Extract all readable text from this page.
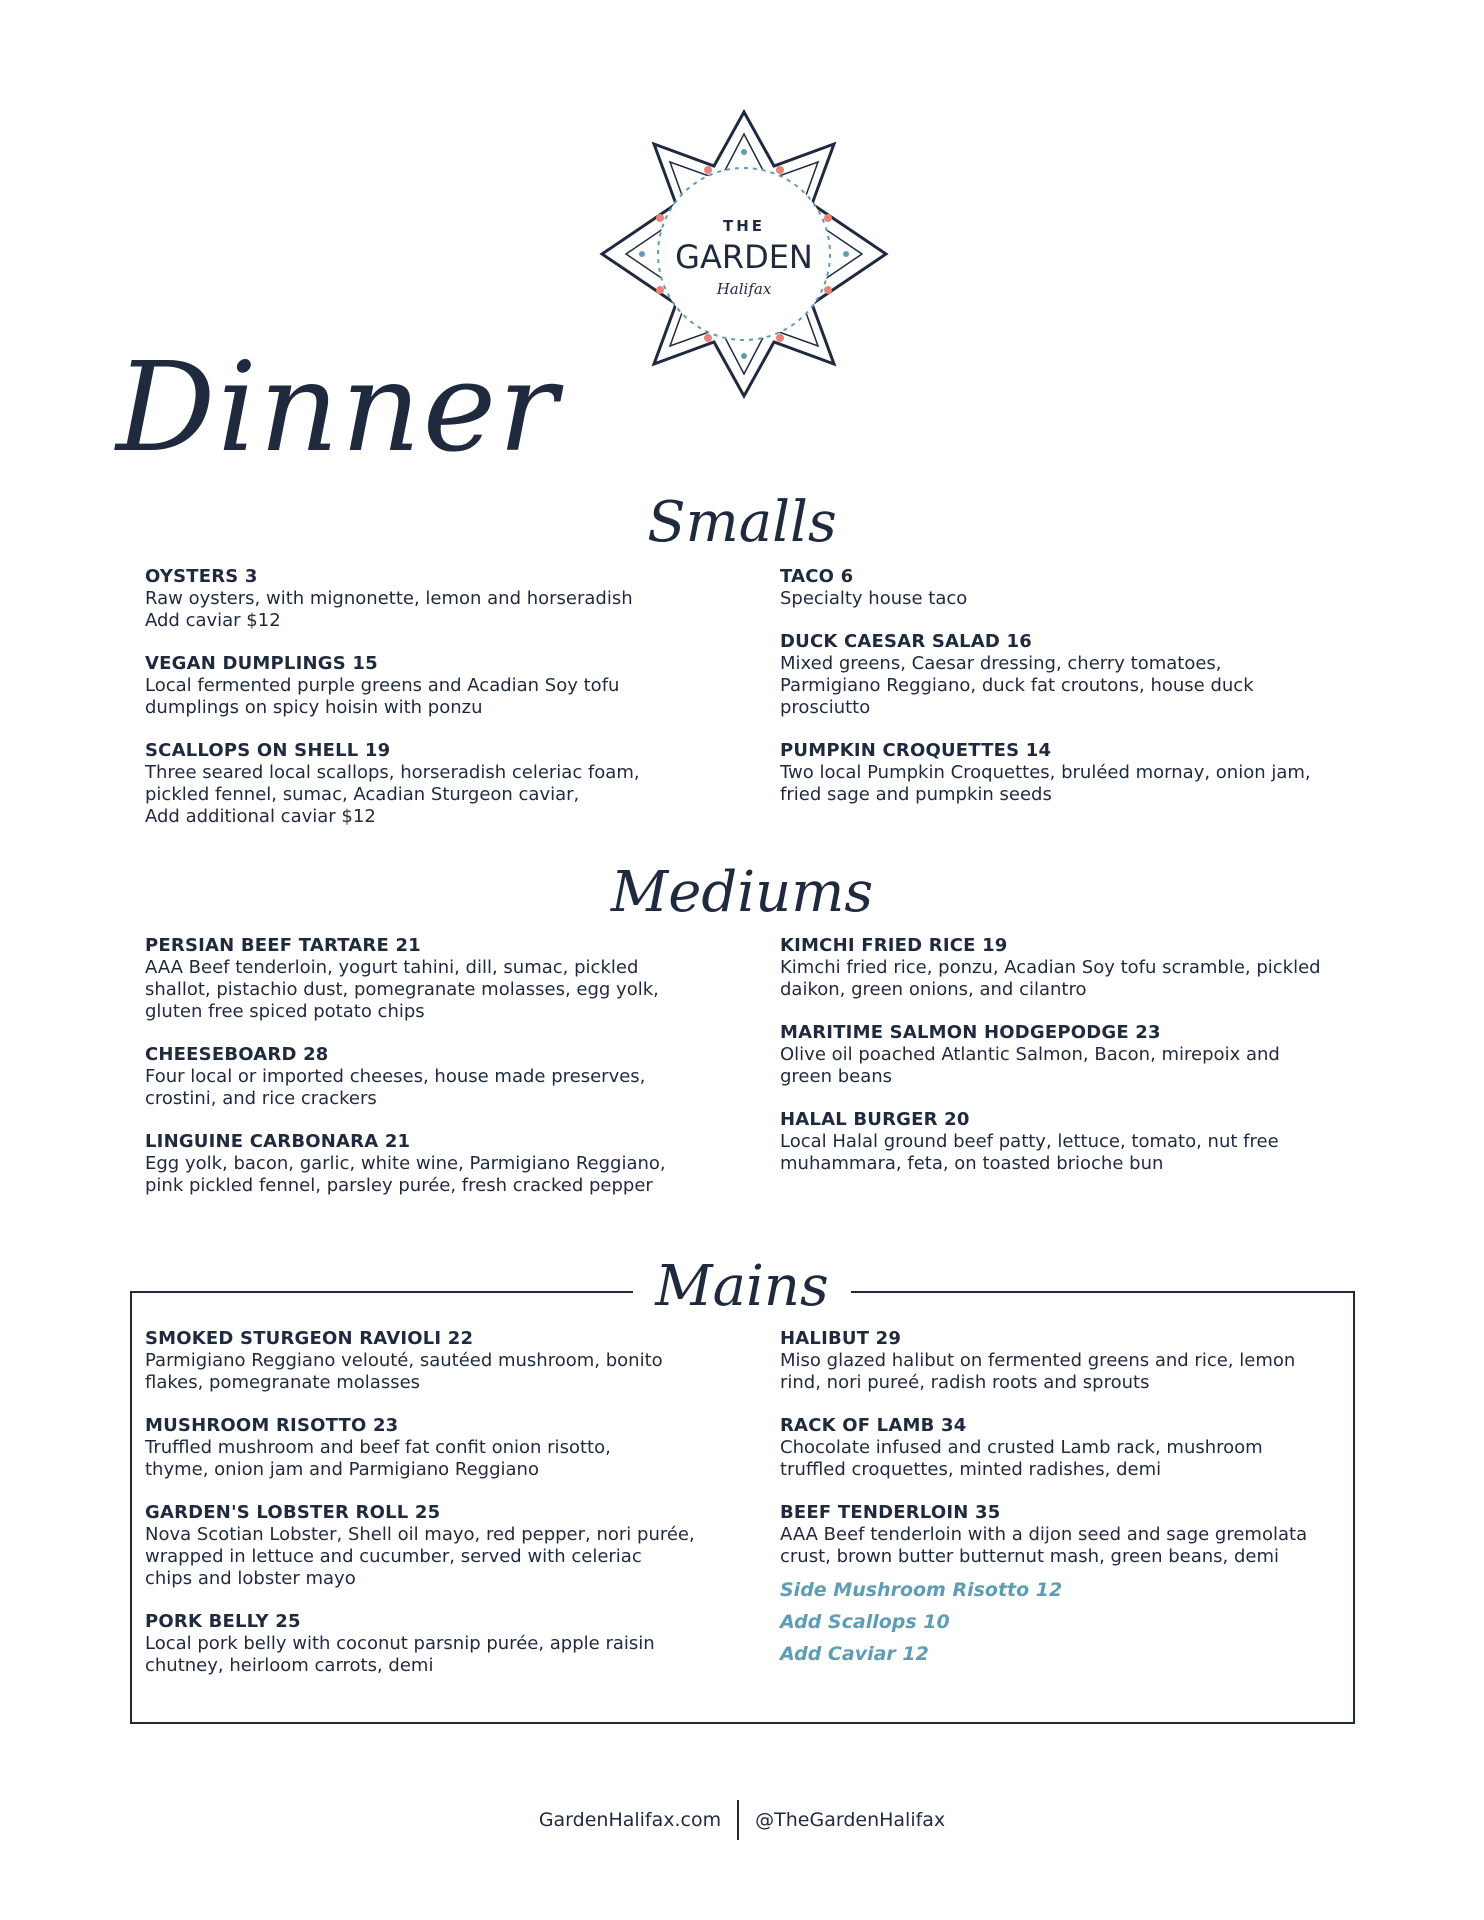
THE
GARDEN
Halifax
Dinner
Smalls
OYSTERS 3
Raw oysters, with mignonette, lemon and horseradish
Add caviar $12
VEGAN DUMPLINGS 15
Local fermented purple greens and Acadian Soy tofu
dumplings on spicy hoisin with ponzu
SCALLOPS ON SHELL 19
Three seared local scallops, horseradish celeriac foam,
pickled fennel, sumac, Acadian Sturgeon caviar,
Add additional caviar $12
TACO 6
Specialty house taco
DUCK CAESAR SALAD 16
Mixed greens, Caesar dressing, cherry tomatoes,
Parmigiano Reggiano, duck fat croutons, house duck
prosciutto
PUMPKIN CROQUETTES 14
Two local Pumpkin Croquettes, bruléed mornay, onion jam,
fried sage and pumpkin seeds
Mediums
PERSIAN BEEF TARTARE 21
AAA Beef tenderloin, yogurt tahini, dill, sumac, pickled
shallot, pistachio dust, pomegranate molasses, egg yolk,
gluten free spiced potato chips
CHEESEBOARD 28
Four local or imported cheeses, house made preserves,
crostini, and rice crackers
LINGUINE CARBONARA 21
Egg yolk, bacon, garlic, white wine, Parmigiano Reggiano,
pink pickled fennel, parsley purée, fresh cracked pepper
KIMCHI FRIED RICE 19
Kimchi fried rice, ponzu, Acadian Soy tofu scramble, pickled
daikon, green onions, and cilantro
MARITIME SALMON HODGEPODGE 23
Olive oil poached Atlantic Salmon, Bacon, mirepoix and
green beans
HALAL BURGER 20
Local Halal ground beef patty, lettuce, tomato, nut free
muhammara, feta, on toasted brioche bun
Mains
SMOKED STURGEON RAVIOLI 22
Parmigiano Reggiano velouté, sautéed mushroom, bonito
flakes, pomegranate molasses
MUSHROOM RISOTTO 23
Truffled mushroom and beef fat confit onion risotto,
thyme, onion jam and Parmigiano Reggiano
GARDEN'S LOBSTER ROLL 25
Nova Scotian Lobster, Shell oil mayo, red pepper, nori purée,
wrapped in lettuce and cucumber, served with celeriac
chips and lobster mayo
PORK BELLY 25
Local pork belly with coconut parsnip purée, apple raisin
chutney, heirloom carrots, demi
HALIBUT 29
Miso glazed halibut on fermented greens and rice, lemon
rind, nori pureé, radish roots and sprouts
RACK OF LAMB 34
Chocolate infused and crusted Lamb rack, mushroom
truffled croquettes, minted radishes, demi
BEEF TENDERLOIN 35
AAA Beef tenderloin with a dijon seed and sage gremolata
crust, brown butter butternut mash, green beans, demi
Side Mushroom Risotto 12
Add Scallops 10
Add Caviar 12
GardenHalifax.com @TheGardenHalifax
